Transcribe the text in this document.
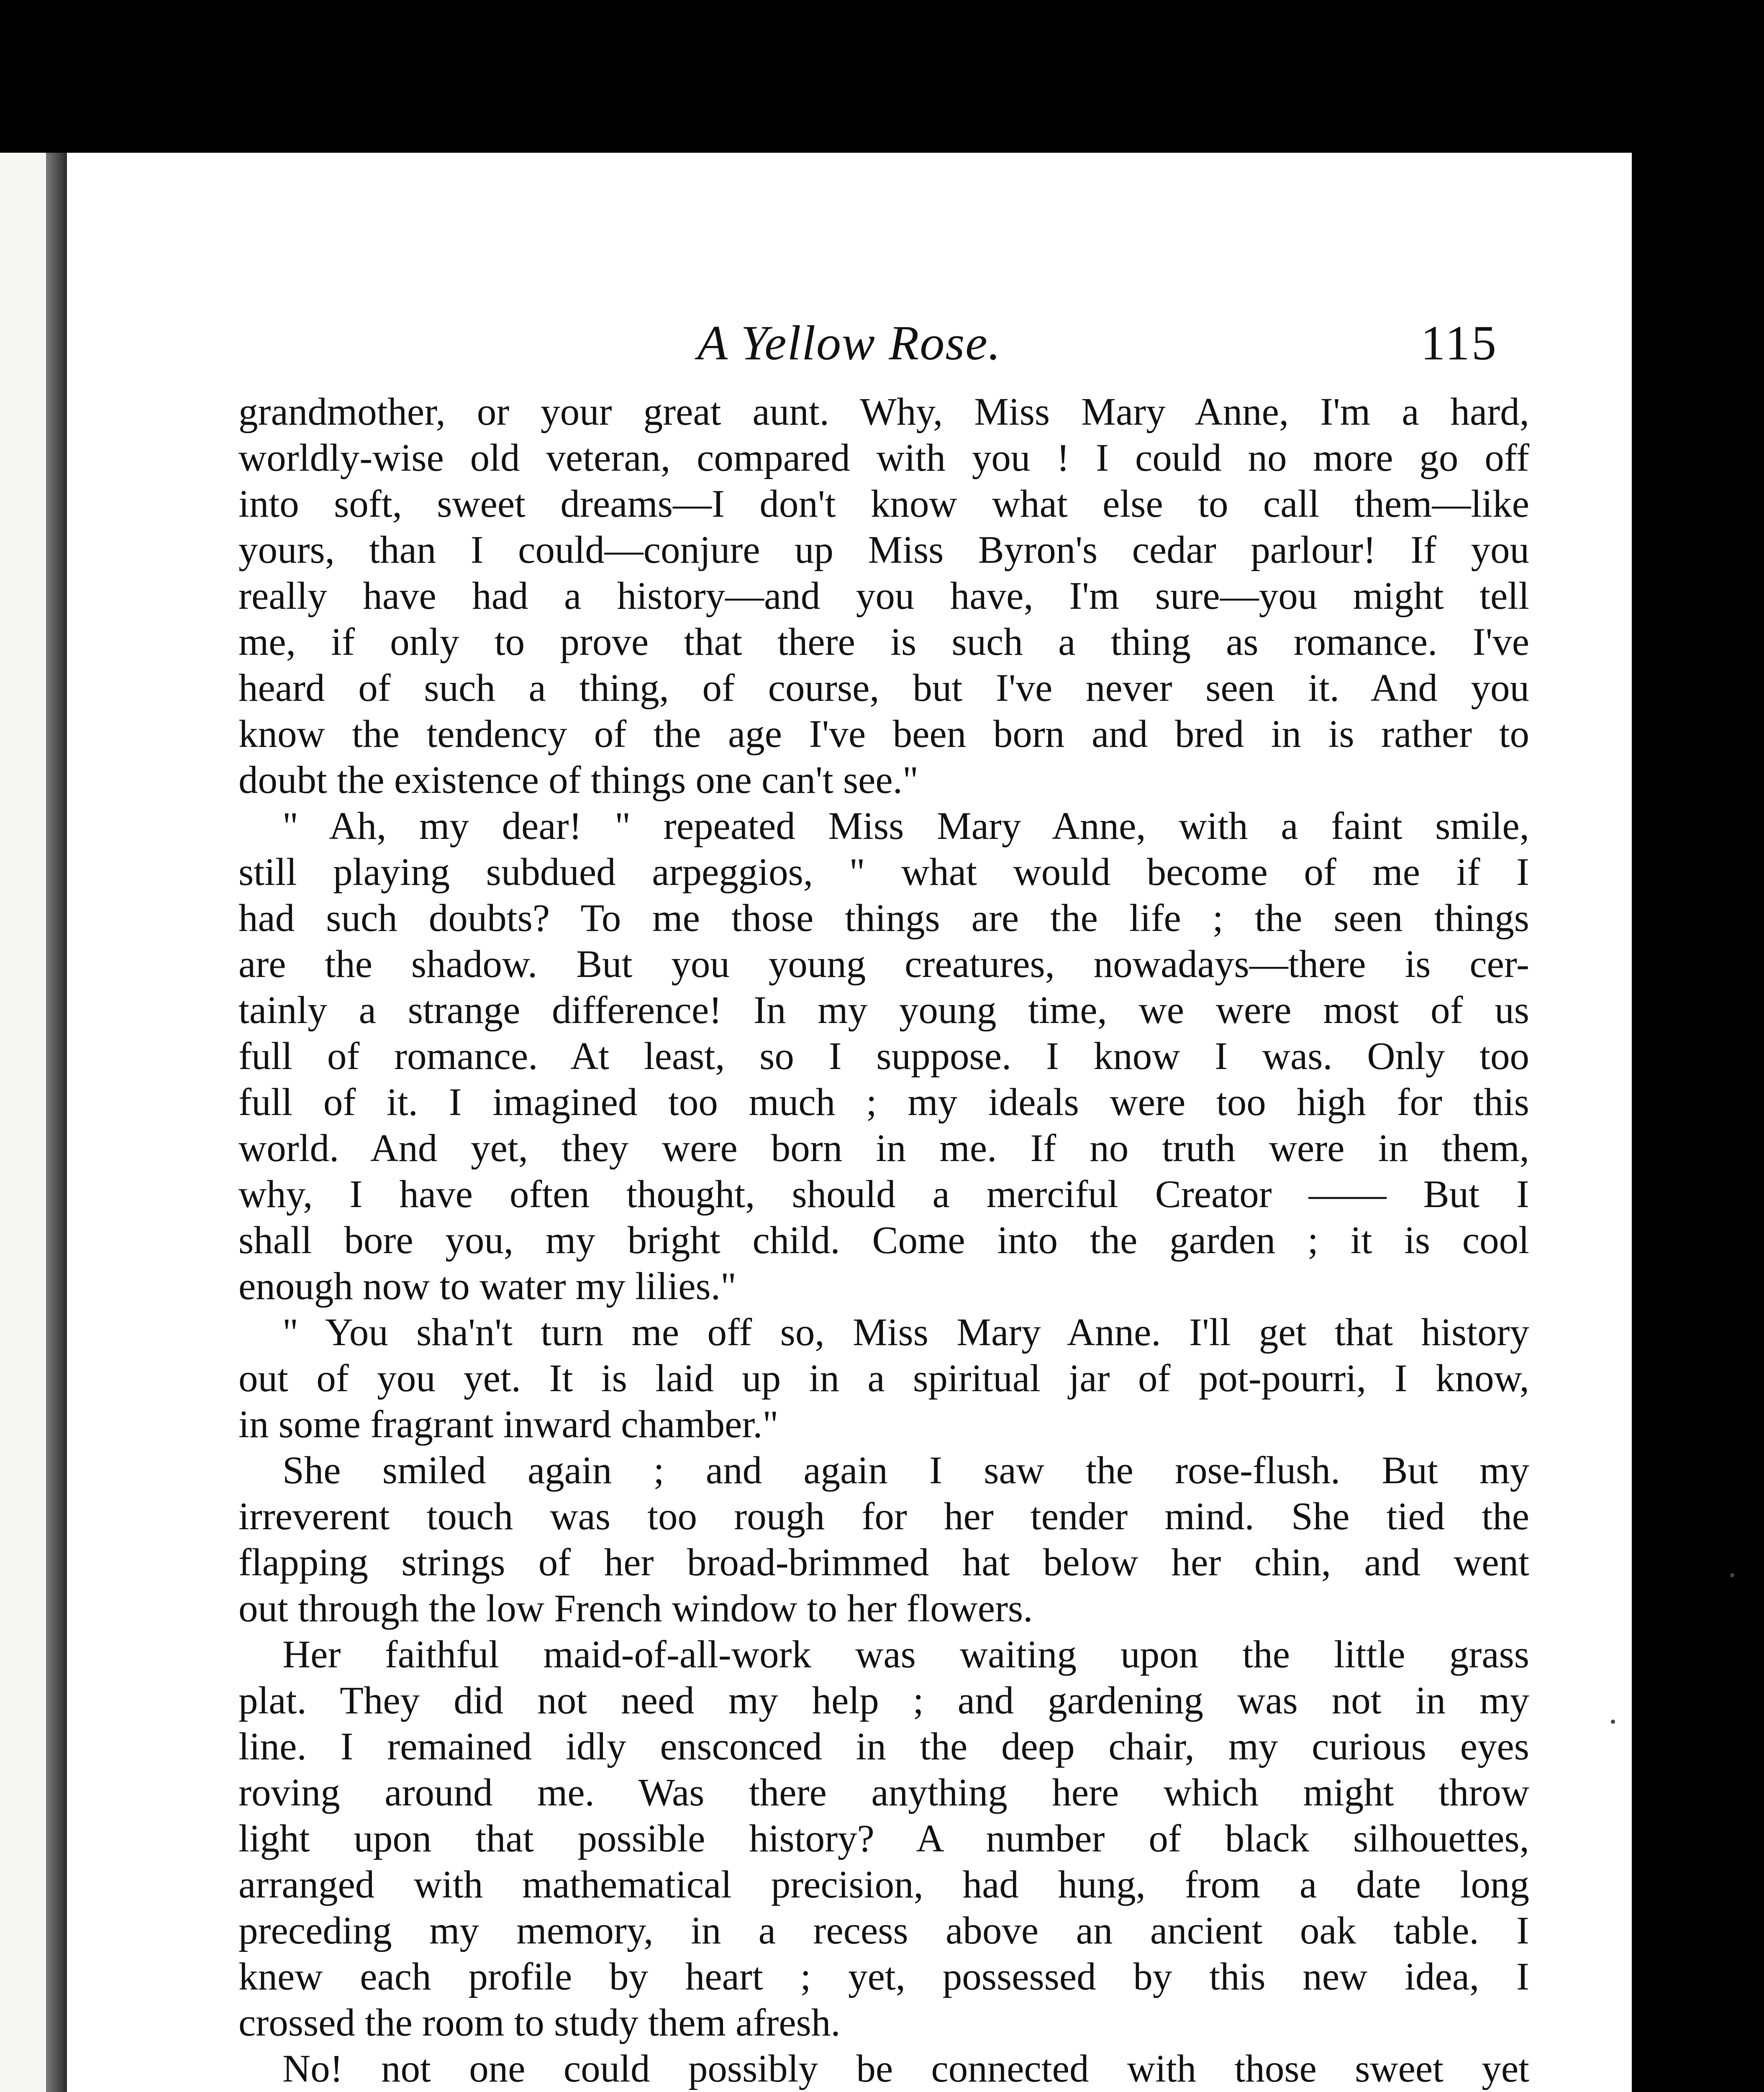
A Yellow Rose.	115
grandmother, or your great aunt. Why, Miss Mary Anne, I'm a hard,
worldly-wise old veteran, compared with you ! I could no more go off
into soft, sweet dreams—I don't know what else to call them—like
yours, than I could—conjure up Miss Byron's cedar parlour! If you
really have had a history—and you have, I'm sure—you might tell
me, if only to prove that there is such a thing as romance. I've
heard of such a thing, of course, but I've never seen it. And you
know the tendency of the age I've been born and bred in is rather to
doubt the existence of things one can't see."
" Ah, my dear! " repeated Miss Mary Anne, with a faint smile,
still playing subdued arpeggios, " what would become of me if I
had such doubts? To me those things are the life ; the seen things
are the shadow. But you young creatures, nowadays—there is cer-
tainly a strange difference! In my young time, we were most of us
full of romance. At least, so I suppose. I know I was. Only too
full of it. I imagined too much ; my ideals were too high for this
world. And yet, they were born in me. If no truth were in them,
why, I have often thought, should a merciful Creator —— But I
shall bore you, my bright child. Come into the garden ; it is cool
enough now to water my lilies."
" You sha'n't turn me off so, Miss Mary Anne. I'll get that history
out of you yet. It is laid up in a spiritual jar of pot-pourri, I know,
in some fragrant inward chamber."
She smiled again ; and again I saw the rose-flush. But my
irreverent touch was too rough for her tender mind. She tied the
flapping strings of her broad-brimmed hat below her chin, and went
out through the low French window to her flowers.
Her faithful maid-of-all-work was waiting upon the little grass
plat. They did not need my help ; and gardening was not in my
line. I remained idly ensconced in the deep chair, my curious eyes
roving around me. Was there anything here which might throw
light upon that possible history? A number of black silhouettes,
arranged with mathematical precision, had hung, from a date long
preceding my memory, in a recess above an ancient oak table. I
knew each profile by heart ; yet, possessed by this new idea, I
crossed the room to study them afresh.
No! not one could possibly be connected with those sweet yet
